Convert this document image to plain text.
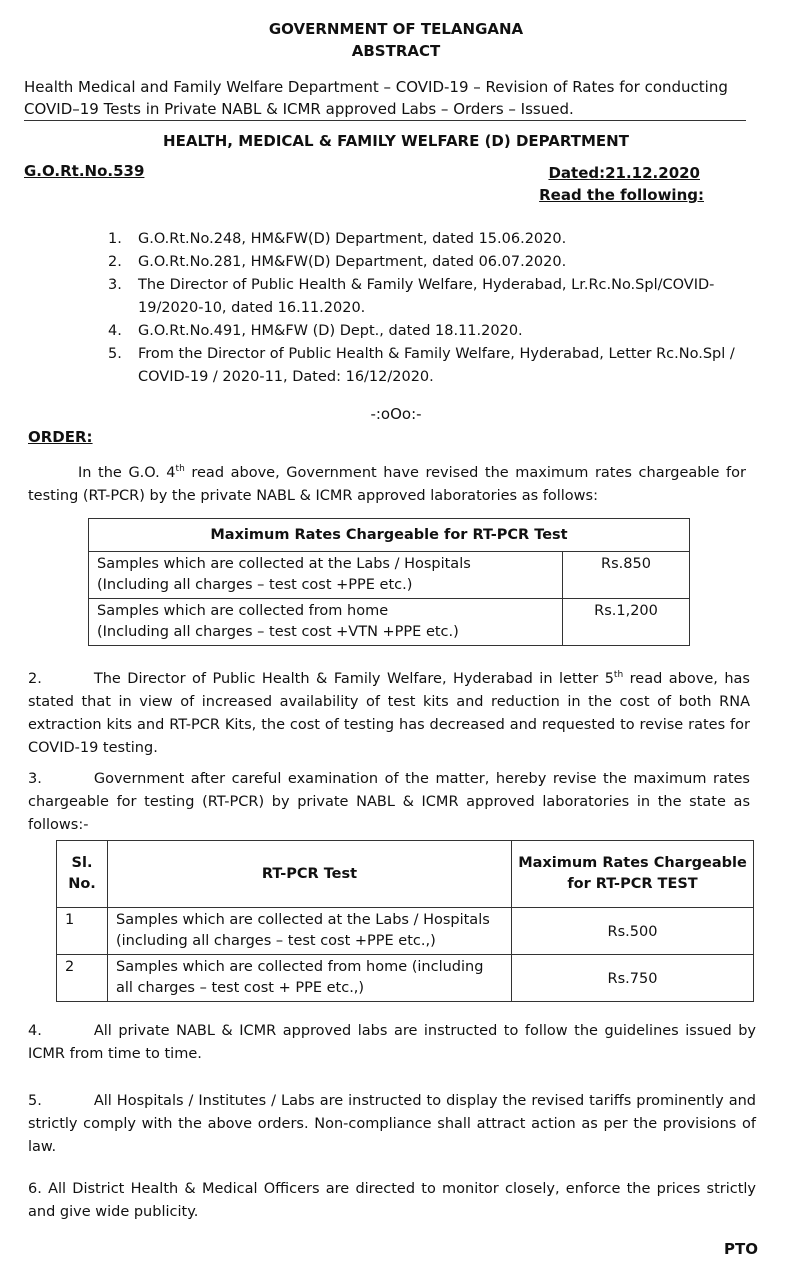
GOVERNMENT OF TELANGANA
ABSTRACT
Health Medical and Family Welfare Department – COVID-19 – Revision of Rates for conducting
COVID–19 Tests in Private NABL & ICMR approved Labs – Orders – Issued.
HEALTH, MEDICAL & FAMILY WELFARE (D) DEPARTMENT
G.O.Rt.No.539	Dated:21.12.2020
Read the following:
1.	G.O.Rt.No.248, HM&FW(D) Department, dated 15.06.2020.
2.	G.O.Rt.No.281, HM&FW(D) Department, dated 06.07.2020.
3.	The Director of Public Health & Family Welfare, Hyderabad, Lr.Rc.No.Spl/COVID-19/2020-10, dated 16.11.2020.
4.	G.O.Rt.No.491, HM&FW (D) Dept., dated 18.11.2020.
5.	From the Director of Public Health & Family Welfare, Hyderabad, Letter Rc.No.Spl / COVID-19 / 2020-11, Dated: 16/12/2020.
-:oOo:-
ORDER:
In the G.O. 4th read above, Government have revised the maximum rates chargeable for testing (RT-PCR) by the private NABL & ICMR approved laboratories as follows:
Maximum Rates Chargeable for RT-PCR Test	

Samples which are collected at the Labs / Hospitals
(Including all charges – test cost +PPE etc.)	Rs.850

Samples which are collected from home
(Including all charges – test cost +VTN +PPE etc.)	Rs.1,200
2.	The Director of Public Health & Family Welfare, Hyderabad in letter 5th read above, has stated that in view of increased availability of test kits and reduction in the cost of both RNA extraction kits and RT-PCR Kits, the cost of testing has decreased and requested to revise rates for COVID-19 testing.
3.	Government after careful examination of the matter, hereby revise the maximum rates chargeable for testing (RT-PCR) by private NABL & ICMR approved laboratories in the state as follows:-
Sl. No.	RT-PCR Test	Maximum Rates Chargeable for RT-PCR TEST
1	Samples which are collected at the Labs / Hospitals
(including all charges – test cost +PPE etc.,)	Rs.500
2	Samples which are collected from home (including
all charges – test cost + PPE etc.,)	Rs.750
4.	All private NABL & ICMR approved labs are instructed to follow the guidelines issued by ICMR from time to time.
5.	All Hospitals / Institutes / Labs are instructed to display the revised tariffs prominently and strictly comply with the above orders. Non-compliance shall attract action as per the provisions of law.
6. All District Health & Medical Officers are directed to monitor closely, enforce the prices strictly and give wide publicity.
PTO
